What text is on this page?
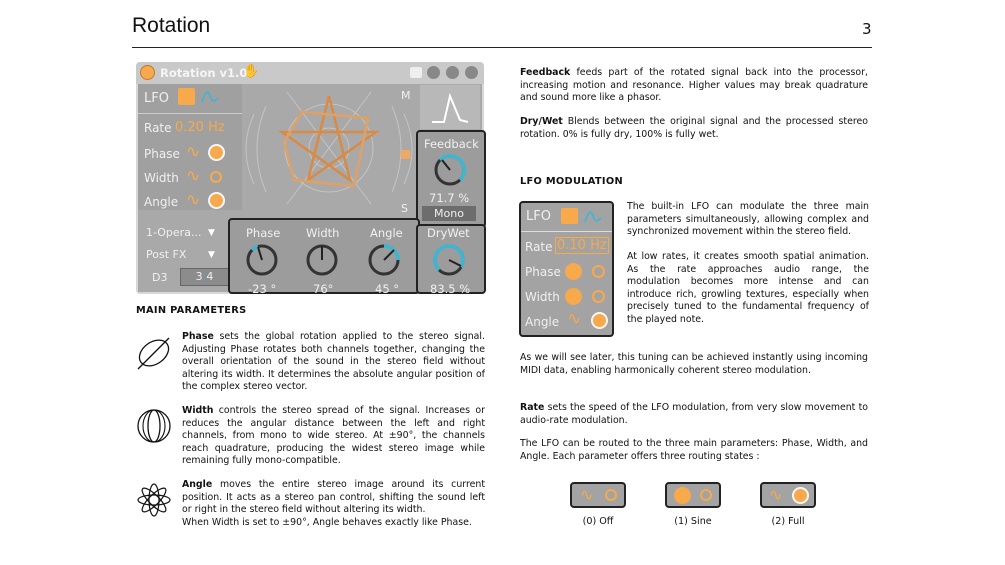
Rotation	3
Rotation v1.0
✋
LFO
Rate 0.20 Hz
Phase ∿
Width ∿
Angle ∿
M
S
Feedback
71.7 %
Mono
1-Opera... ▼
Post FX ▼
D3	3:4
Phase
-23 °
Width
76°
Angle
45 °
DryWet
83.5 %
MAIN PARAMETERS
Phase sets the global rotation applied to the stereo signal. Adjusting Phase rotates both channels together, changing the overall orientation of the sound in the stereo field without altering its width. It determines the absolute angular position of the complex stereo vector.
Width controls the stereo spread of the signal. Increases or reduces the angular distance between the left and right channels, from mono to wide stereo. At ±90°, the channels reach quadrature, producing the widest stereo image while remaining fully mono-compatible.
Angle moves the entire stereo image around its current position. It acts as a stereo pan control, shifting the sound left or right in the stereo field without altering its width.
When Width is set to ±90°, Angle behaves exactly like Phase.
Feedback feeds part of the rotated signal back into the processor, increasing motion and resonance. Higher values may break quadrature and sound more like a phasor.
Dry/Wet Blends between the original signal and the processed stereo rotation. 0% is fully dry, 100% is fully wet.
LFO MODULATION
LFO
Rate 0.10 Hz
Phase
Width
Angle ∿
The built-in LFO can modulate the three main parameters simultaneously, allowing complex and synchronized movement within the stereo field.
At low rates, it creates smooth spatial animation. As the rate approaches audio range, the modulation becomes more intense and can introduce rich, growling textures, especially when precisely tuned to the fundamental frequency of the played note.
As we will see later, this tuning can be achieved instantly using incoming MIDI data, enabling harmonically coherent stereo modulation.
Rate sets the speed of the LFO modulation, from very slow movement to audio-rate modulation.
The LFO can be routed to the three main parameters: Phase, Width, and Angle. Each parameter offers three routing states :
∿
(0) Off	(1) Sine
∿
(2) Full
